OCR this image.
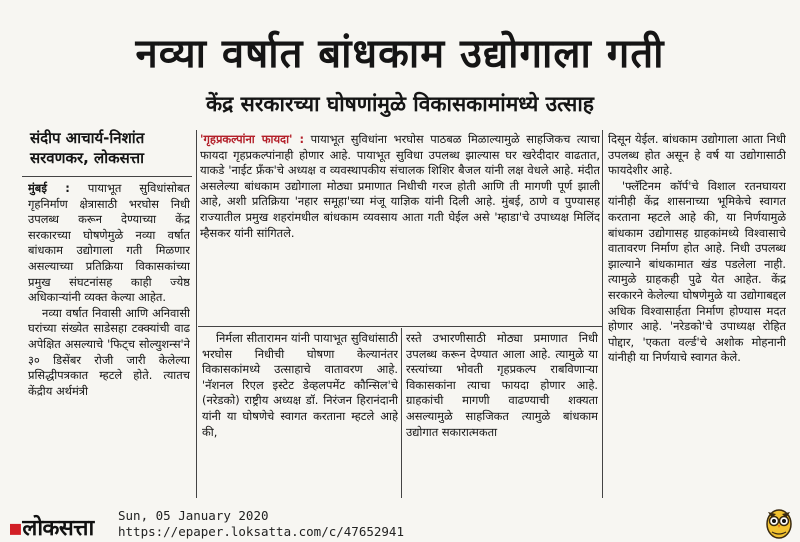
नव्या वर्षात बांधकाम उद्योगाला गती
केंद्र सरकारच्या घोषणांमुळे विकासकामांमध्ये उत्साह
संदीप आचार्य-निशांत
सरवणकर, लोकसत्ता

मुंबई : पायाभूत सुविधांसोबत गृहनिर्माण क्षेत्रासाठी भरघोस निधी उपलब्ध करून देण्याच्या केंद्र सरकारच्या घोषणेमुळे नव्या वर्षात बांधकाम उद्योगाला गती मिळणार असल्याच्या प्रतिक्रिया विकासकांच्या प्रमुख संघटनांसह काही ज्येष्ठ अधिकाऱ्यांनी व्यक्त केल्या आहेत.

नव्या वर्षात निवासी आणि अनिवासी घरांच्या संख्येत साडेसहा टक्क्यांची वाढ अपेक्षित असल्याचे 'फिट्च सोल्युशन्स'ने ३० डिसेंबर रोजी जारी केलेल्या प्रसिद्धीपत्रकात म्हटले होते. त्यातच केंद्रीय अर्थमंत्री

'गृहप्रकल्पांना फायदा' : पायाभूत सुविधांना भरघोस पाठबळ मिळाल्यामुळे साहजिकच त्याचा फायदा गृहप्रकल्पांनाही होणार आहे. पायाभूत सुविधा उपलब्ध झाल्यास घर खरेदीदार वाढतात, याकडे 'नाईट फ्रँक'चे अध्यक्ष व व्यवस्थापकीय संचालक शिशिर बैजल यांनी लक्ष वेधले आहे. मंदीत असलेल्या बांधकाम उद्योगाला मोठ्या प्रमाणात निधीची गरज होती आणि ती मागणी पूर्ण झाली आहे, अशी प्रतिक्रिया 'नहार समूहा'च्या मंजू याज्ञिक यांनी दिली आहे. मुंबई, ठाणे व पुण्यासह राज्यातील प्रमुख शहरांमधील बांधकाम व्यवसाय आता गती घेईल असे 'म्हाडा'चे उपाध्यक्ष मिलिंद म्हैसकर यांनी सांगितले.

निर्मला सीतारामन यांनी पायाभूत सुविधांसाठी भरघोस निधीची घोषणा केल्यानंतर विकासकांमध्ये उत्साहाचे वातावरण आहे. 'नॅशनल रिएल इस्टेट डेव्हलपमेंट कौन्सिल'चे (नरेडको) राष्ट्रीय अध्यक्ष डॉ. निरंजन हिरानंदानी यांनी या घोषणेचे स्वागत करताना म्हटले आहे की,

रस्ते उभारणीसाठी मोठ्या प्रमाणात निधी उपलब्ध करून देण्यात आला आहे. त्यामुळे या रस्त्यांच्या भोवती गृहप्रकल्प राबविणाऱ्या विकासकांना त्याचा फायदा होणार आहे. ग्राहकांची मागणी वाढण्याची शक्यता असल्यामुळे साहजिकत त्यामुळे बांधकाम उद्योगात सकारात्मकता

दिसून येईल. बांधकाम उद्योगाला आता निधी उपलब्ध होत असून हे वर्ष या उद्योगासाठी फायदेशीर आहे.

'फ्लॅटिनम कॉर्प'चे विशाल रतनघायरा यांनीही केंद्र शासनाच्या भूमिकेचे स्वागत करताना म्हटले आहे की, या निर्णयामुळे बांधकाम उद्योगासह ग्राहकांमध्ये विश्वासाचे वातावरण निर्माण होत आहे. निधी उपलब्ध झाल्याने बांधकामात खंड पडलेला नाही. त्यामुळे ग्राहकही पुढे येत आहेत. केंद्र सरकारने केलेल्या घोषणेमुळे या उद्योगाबद्दल अधिक विश्वासार्हता निर्माण होण्यास मदत होणार आहे. 'नरेडको'चे उपाध्यक्ष रोहित पोद्दार, 'एकता वर्ल्ड'चे अशोक मोहनानी यांनीही या निर्णयाचे स्वागत केले.

▪लोकसत्ता
Sun, 05 January 2020
https://epaper.loksatta.com/c/47652941
